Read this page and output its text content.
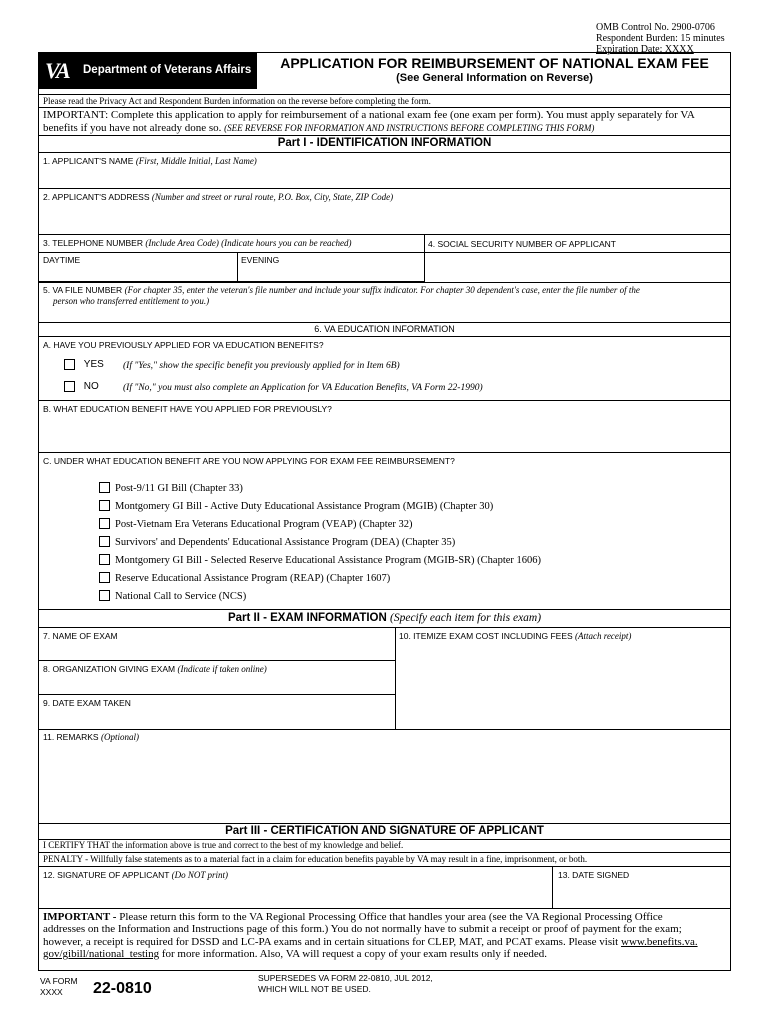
OMB Control No. 2900-0706
Respondent Burden: 15 minutes
Expiration Date: XXXX
VA Department of Veterans Affairs	APPLICATION FOR REIMBURSEMENT OF NATIONAL EXAM FEE
(See General Information on Reverse)
Please read the Privacy Act and Respondent Burden information on the reverse before completing the form.
IMPORTANT: Complete this application to apply for reimbursement of a national exam fee (one exam per form). You must apply separately for VA
benefits if you have not already done so. (SEE REVERSE FOR INFORMATION AND INSTRUCTIONS BEFORE COMPLETING THIS FORM)
Part I - IDENTIFICATION INFORMATION
1. APPLICANT'S NAME (First, Middle Initial, Last Name)
2. APPLICANT'S ADDRESS (Number and street or rural route, P.O. Box, City, State, ZIP Code)
3. TELEPHONE NUMBER (Include Area Code) (Indicate hours you can be reached)
DAYTIME	EVENING
4. SOCIAL SECURITY NUMBER OF APPLICANT
5. VA FILE NUMBER (For chapter 35, enter the veteran's file number and include your suffix indicator. For chapter 30 dependent's case, enter the file number of the
person who transferred entitlement to you.)
6. VA EDUCATION INFORMATION
A. HAVE YOU PREVIOUSLY APPLIED FOR VA EDUCATION BENEFITS?
YES (If "Yes," show the specific benefit you previously applied for in Item 6B)
NO	(If "No," you must also complete an Application for VA Education Benefits, VA Form 22-1990)
B. WHAT EDUCATION BENEFIT HAVE YOU APPLIED FOR PREVIOUSLY?
C. UNDER WHAT EDUCATION BENEFIT ARE YOU NOW APPLYING FOR EXAM FEE REIMBURSEMENT?
Post-9/11 GI Bill (Chapter 33)
Montgomery GI Bill - Active Duty Educational Assistance Program (MGIB) (Chapter 30)
Post-Vietnam Era Veterans Educational Program (VEAP) (Chapter 32)
Survivors' and Dependents' Educational Assistance Program (DEA) (Chapter 35)
Montgomery GI Bill - Selected Reserve Educational Assistance Program (MGIB-SR) (Chapter 1606)
Reserve Educational Assistance Program (REAP) (Chapter 1607)
National Call to Service (NCS)
Part II - EXAM INFORMATION (Specify each item for this exam)
7. NAME OF EXAM
8. ORGANIZATION GIVING EXAM (Indicate if taken online)
9. DATE EXAM TAKEN
10. ITEMIZE EXAM COST INCLUDING FEES (Attach receipt)
11. REMARKS (Optional)
Part III - CERTIFICATION AND SIGNATURE OF APPLICANT
I CERTIFY THAT the information above is true and correct to the best of my knowledge and belief.
PENALTY - Willfully false statements as to a material fact in a claim for education benefits payable by VA may result in a fine, imprisonment, or both.
12. SIGNATURE OF APPLICANT (Do NOT print)	13. DATE SIGNED
IMPORTANT - Please return this form to the VA Regional Processing Office that handles your area (see the VA Regional Processing Office
addresses on the Information and Instructions page of this form.) You do not normally have to submit a receipt or proof of payment for the exam;
however, a receipt is required for DSSD and LC-PA exams and in certain situations for CLEP, MAT, and PCAT exams. Please visit www.benefits.va.
gov/gibill/national_testing for more information. Also, VA will request a copy of your exam results only if needed.
VA FORM
XXXX 22-0810
SUPERSEDES VA FORM 22-0810, JUL 2012,
WHICH WILL NOT BE USED.
